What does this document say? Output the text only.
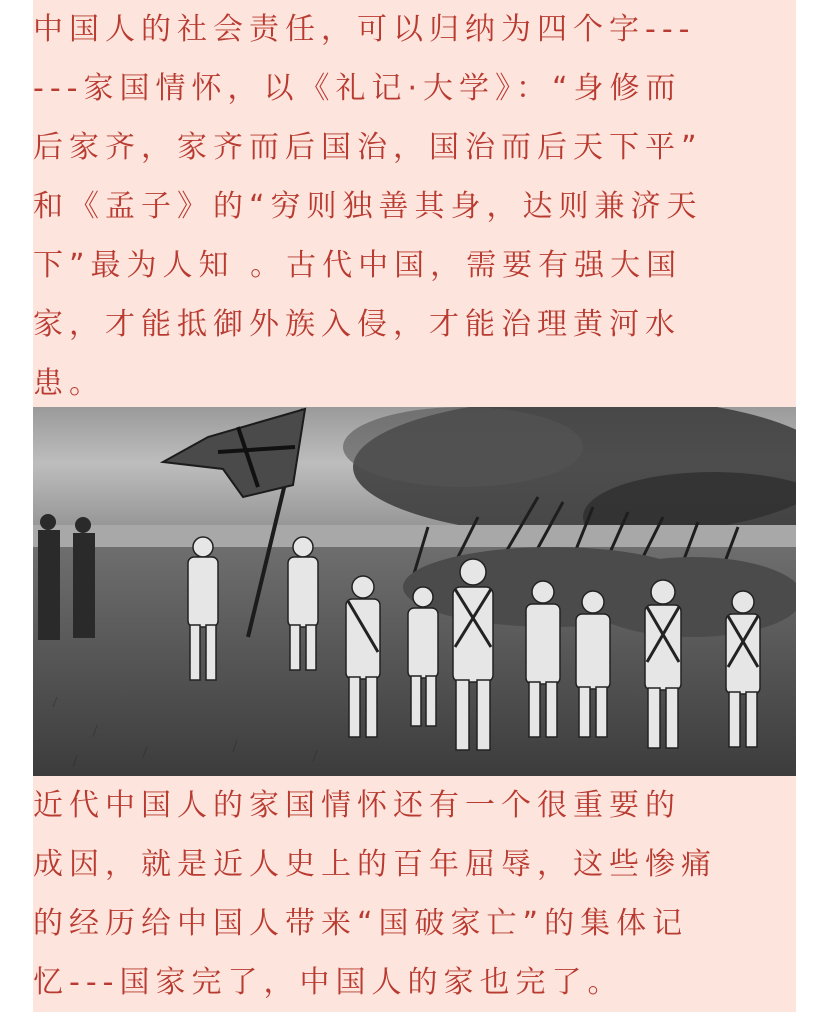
中国人的社会责任，可以归纳为四个字---
---家国情怀，以《礼记·大学》：“身修而
后家齐，家齐而后国治，国治而后天下平”
和《孟子》的“穷则独善其身，达则兼济天
下”最为人知 。古代中国，需要有强大国
家，才能抵御外族入侵，才能治理黄河水
患。
近代中国人的家国情怀还有一个很重要的
成因，就是近人史上的百年屈辱，这些惨痛
的经历给中国人带来“国破家亡”的集体记
忆---国家完了，中国人的家也完了。
